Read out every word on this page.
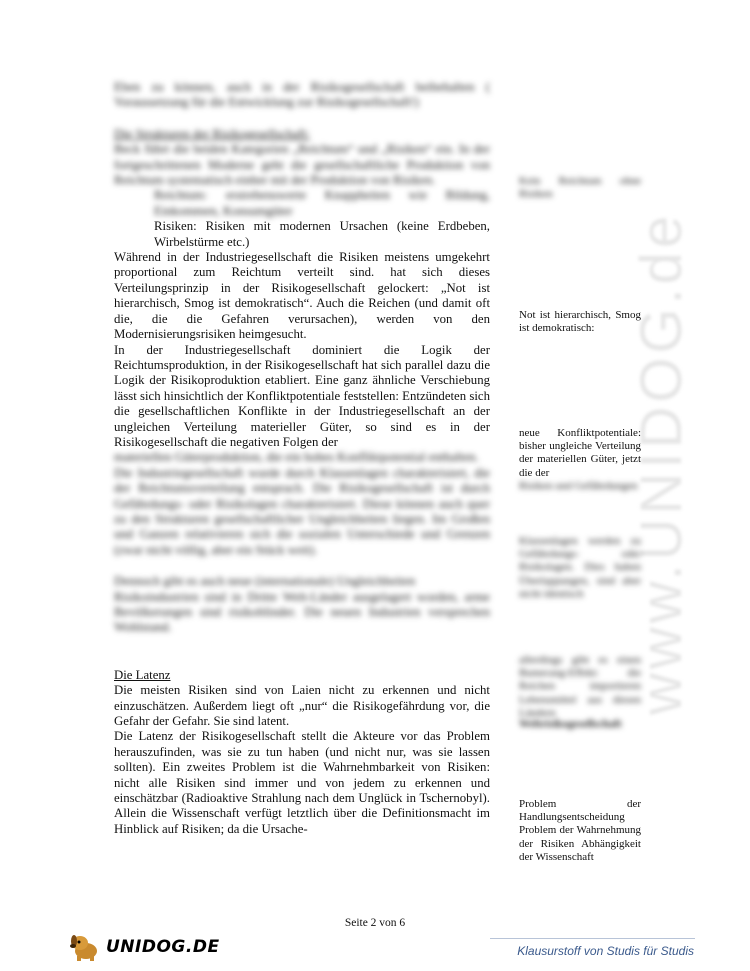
www.UNIDOG.de

Eben zu können, auch in der Risikogesellschaft beibehalten ( Voraussetzung für die Entwicklung zur Risikogesellschaft!)

Die Strukturen der Risikogesellschaft:

Beck führt die beiden Kategorien „Reichtum“ und „Risiken“ ein. In der fortgeschrittenen Moderne geht die gesellschaftliche Produktion von Reichtum systematisch einher mit der Produktion von Risiken.

Reichtum: erstrebenswerte Knappheiten wie Bildung, Einkommen, Konsumgüter

Risiken: Risiken mit modernen Ursachen (keine Erdbeben, Wirbelstürme etc.)

Während in der Industriegesellschaft die Risiken meistens umgekehrt proportional zum Reichtum verteilt sind. hat sich dieses Verteilungsprinzip in der Risikogesellschaft gelockert: „Not ist hierarchisch, Smog ist demokratisch“. Auch die Reichen (und damit oft die, die die Gefahren verursachen), werden von den Modernisierungsrisiken heimgesucht.

In der Industriegesellschaft dominiert die Logik der Reichtumsproduktion, in der Risikogesellschaft hat sich parallel dazu die Logik der Risikoproduktion etabliert. Eine ganz ähnliche Verschiebung lässt sich hinsichtlich der Konfliktpotentiale feststellen: Entzündeten sich die gesellschaftlichen Konflikte in der Industriegesellschaft an der ungleichen Verteilung materieller Güter, so sind es in der Risikogesellschaft die negativen Folgen der

materiellen Güterproduktion, die ein hohes Konfliktpotential enthalten.

Die Industriegesellschaft wurde durch Klassenlagen charakterisiert, die der Reichtumsverteilung entsprach. Die Risikogesellschaft ist durch Gefährdungs- oder Risikolagen charakterisiert. Diese können auch quer zu den Strukturen gesellschaftlicher Ungleichheiten liegen. Im Großen und Ganzen relativieren sich die sozialen Unterschiede und Grenzen (zwar nicht völlig, aber ein Stück weit).

Dennoch gibt es auch neue (internationale) Ungleichheiten

Risikoindustrien sind in Dritte Welt-Länder ausgelagert worden, arme Bevölkerungen sind risikoblinder. Die neuen Industrien versprechen Wohlstand.

Die Latenz

Die meisten Risiken sind von Laien nicht zu erkennen und nicht einzuschätzen. Außerdem liegt oft „nur“ die Risikogefährdung vor, die Gefahr der Gefahr. Sie sind latent.

Die Latenz der Risikogesellschaft stellt die Akteure vor das Problem herauszufinden, was sie zu tun haben (und nicht nur, was sie lassen sollten). Ein zweites Problem ist die Wahrnehmbarkeit von Risiken: nicht alle Risiken sind immer und von jedem zu erkennen und einschätzbar (Radioaktive Strahlung nach dem Unglück in Tschernobyl). Allein die Wissenschaft verfügt letztlich über die Definitionsmacht im Hinblick auf Risiken; da die Ursache-

Kein Reichtum ohne Risiken
Not ist hierarchisch, Smog ist demokratisch:
neue Konfliktpotentiale: bisher ungleiche Verteilung der materiellen Güter, jetzt die der
Risiken und Gefährdungen
Klassenlagen werden zu Gefährdungs- oder Risikolagen. Dies haben Überlappungen, sind aber nicht identisch
allerdings gibt es einen Bumerang-Effekt: die Reichen importieren Lebensmittel aus diesen Ländern
Weltrisikogesellschaft
Problem der Handlungsentscheidung Problem der Wahrnehmung der Risiken Abhängigkeit der Wissenschaft
Seite 2 von 6
UNIDOG.DE	Klausurstoff von Studis für Studis
